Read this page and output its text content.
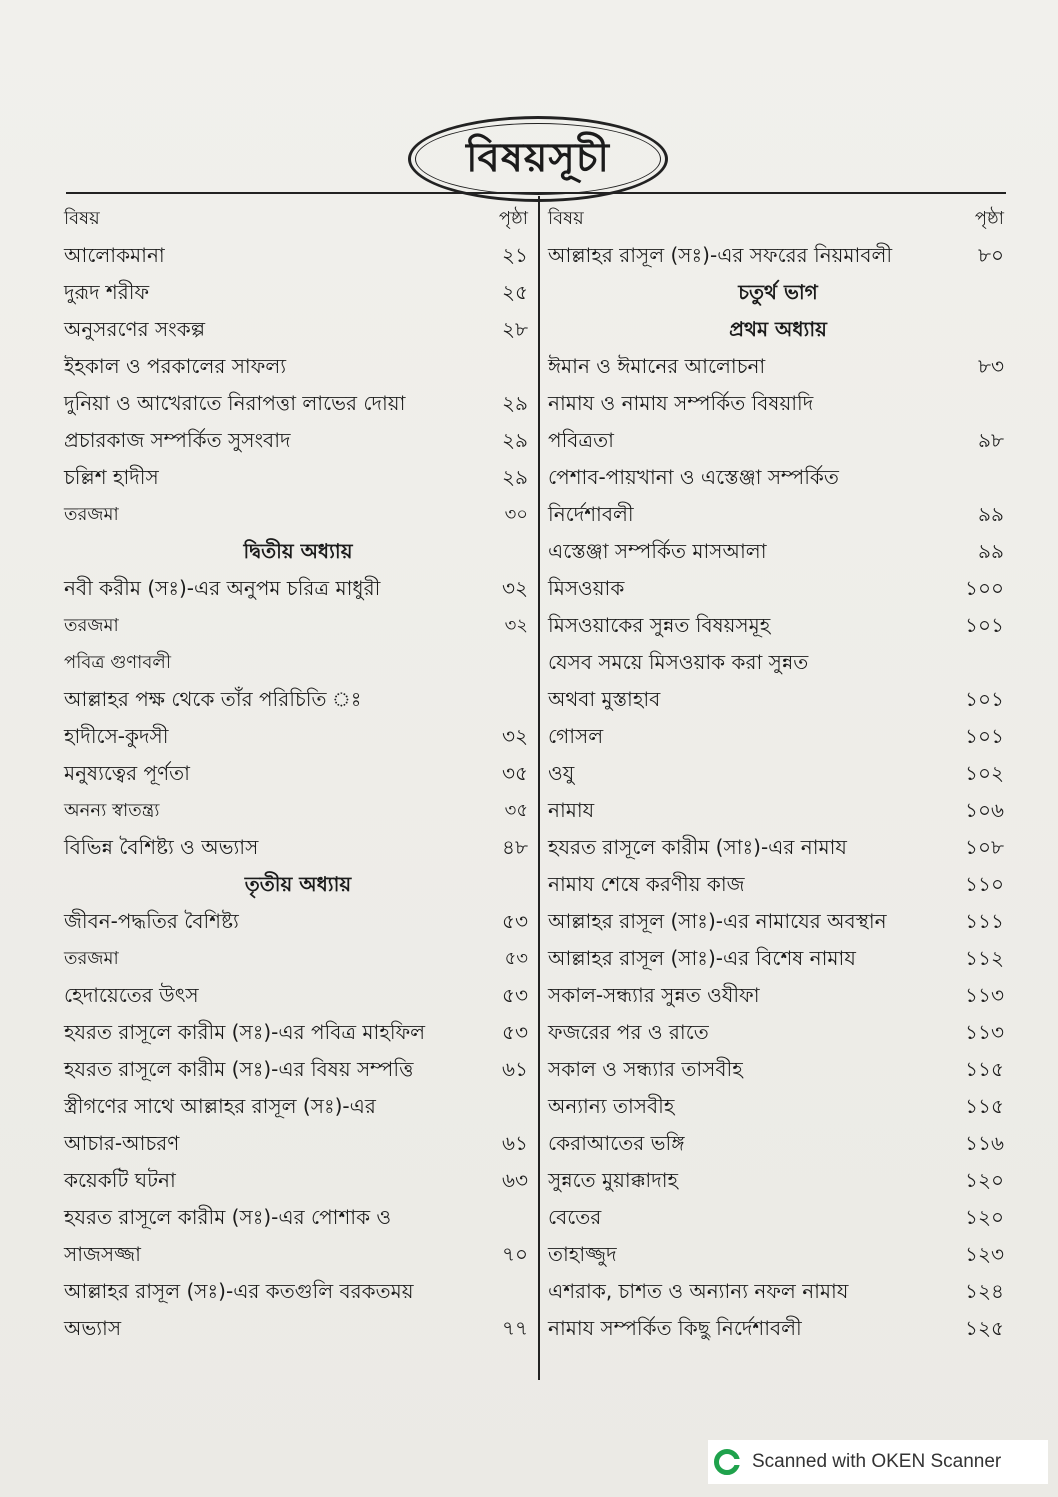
বিষয়সূচী
বিষয়	পৃষ্ঠা
আলোকমানা	২১
দুরূদ শরীফ	২৫
অনুসরণের সংকল্প	২৮
ইহকাল ও পরকালের সাফল্য
দুনিয়া ও আখেরাতে নিরাপত্তা লাভের দোয়া	২৯
প্রচারকাজ সম্পর্কিত সুসংবাদ	২৯
চল্লিশ হাদীস	২৯
তরজমা	৩০
দ্বিতীয় অধ্যায়
নবী করীম (সঃ)-এর অনুপম চরিত্র মাধুরী	৩২
তরজমা	৩২
পবিত্র গুণাবলী
আল্লাহর পক্ষ থেকে তাঁর পরিচিতি ঃ
হাদীসে-কুদসী	৩২
মনুষ্যত্বের পূর্ণতা	৩৫
অনন্য স্বাতন্ত্র্য	৩৫
বিভিন্ন বৈশিষ্ট্য ও অভ্যাস	৪৮
তৃতীয় অধ্যায়
জীবন-পদ্ধতির বৈশিষ্ট্য	৫৩
তরজমা	৫৩
হেদায়েতের উৎস	৫৩
হযরত রাসূলে কারীম (সঃ)-এর পবিত্র মাহফিল	৫৩
হযরত রাসূলে কারীম (সঃ)-এর বিষয় সম্পত্তি	৬১
স্ত্রীগণের সাথে আল্লাহর রাসূল (সঃ)-এর
আচার-আচরণ	৬১
কয়েকটি ঘটনা	৬৩
হযরত রাসূলে কারীম (সঃ)-এর পোশাক ও
সাজসজ্জা	৭০
আল্লাহর রাসূল (সঃ)-এর কতগুলি বরকতময়
অভ্যাস	৭৭
বিষয়	পৃষ্ঠা
আল্লাহর রাসূল (সঃ)-এর সফরের নিয়মাবলী	৮০
চতুর্থ ভাগ
প্রথম অধ্যায়
ঈমান ও ঈমানের আলোচনা	৮৩
নামায ও নামায সম্পর্কিত বিষয়াদি
পবিত্রতা	৯৮
পেশাব-পায়খানা ও এস্তেঞ্জা সম্পর্কিত
নির্দেশাবলী	৯৯
এস্তেঞ্জা সম্পর্কিত মাসআলা	৯৯
মিসওয়াক	১০০
মিসওয়াকের সুন্নত বিষয়সমূহ	১০১
যেসব সময়ে মিসওয়াক করা সুন্নত
অথবা মুস্তাহাব	১০১
গোসল	১০১
ওযু	১০২
নামায	১০৬
হযরত রাসূলে কারীম (সাঃ)-এর নামায	১০৮
নামায শেষে করণীয় কাজ	১১০
আল্লাহর রাসূল (সাঃ)-এর নামাযের অবস্থান	১১১
আল্লাহর রাসূল (সাঃ)-এর বিশেষ নামায	১১২
সকাল-সন্ধ্যার সুন্নত ওযীফা	১১৩
ফজরের পর ও রাতে	১১৩
সকাল ও সন্ধ্যার তাসবীহ	১১৫
অন্যান্য তাসবীহ	১১৫
কেরাআতের ভঙ্গি	১১৬
সুন্নতে মুয়াক্কাদাহ	১২০
বেতের	১২০
তাহাজ্জুদ	১২৩
এশরাক, চাশত ও অন্যান্য নফল নামায	১২৪
নামায সম্পর্কিত কিছু নির্দেশাবলী	১২৫
Scanned with OKEN Scanner
